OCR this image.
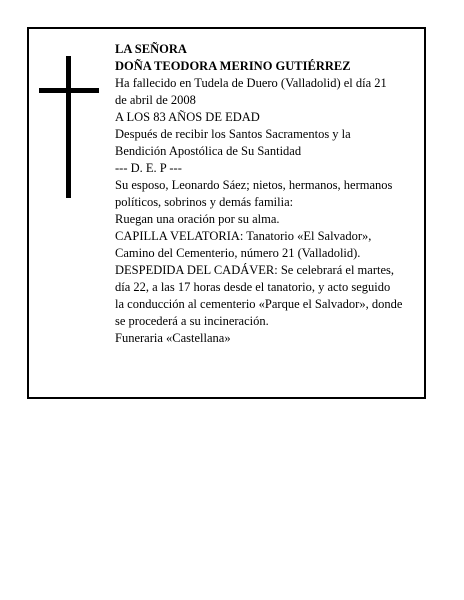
LA SEÑORA

DOÑA TEODORA MERINO GUTIÉRREZ

Ha fallecido en Tudela de Duero (Valladolid) el día 21

de abril de 2008

A LOS 83 AÑOS DE EDAD

Después de recibir los Santos Sacramentos y la

Bendición Apostólica de Su Santidad

--- D. E. P ---

Su esposo, Leonardo Sáez; nietos, hermanos, hermanos

políticos, sobrinos y demás familia:

Ruegan una oración por su alma.

CAPILLA VELATORIA: Tanatorio «El Salvador»,

Camino del Cementerio, número 21 (Valladolid).

DESPEDIDA DEL CADÁVER: Se celebrará el martes,

día 22, a las 17 horas desde el tanatorio, y acto seguido

la conducción al cementerio «Parque el Salvador», donde

se procederá a su incineración.

Funeraria «Castellana»
